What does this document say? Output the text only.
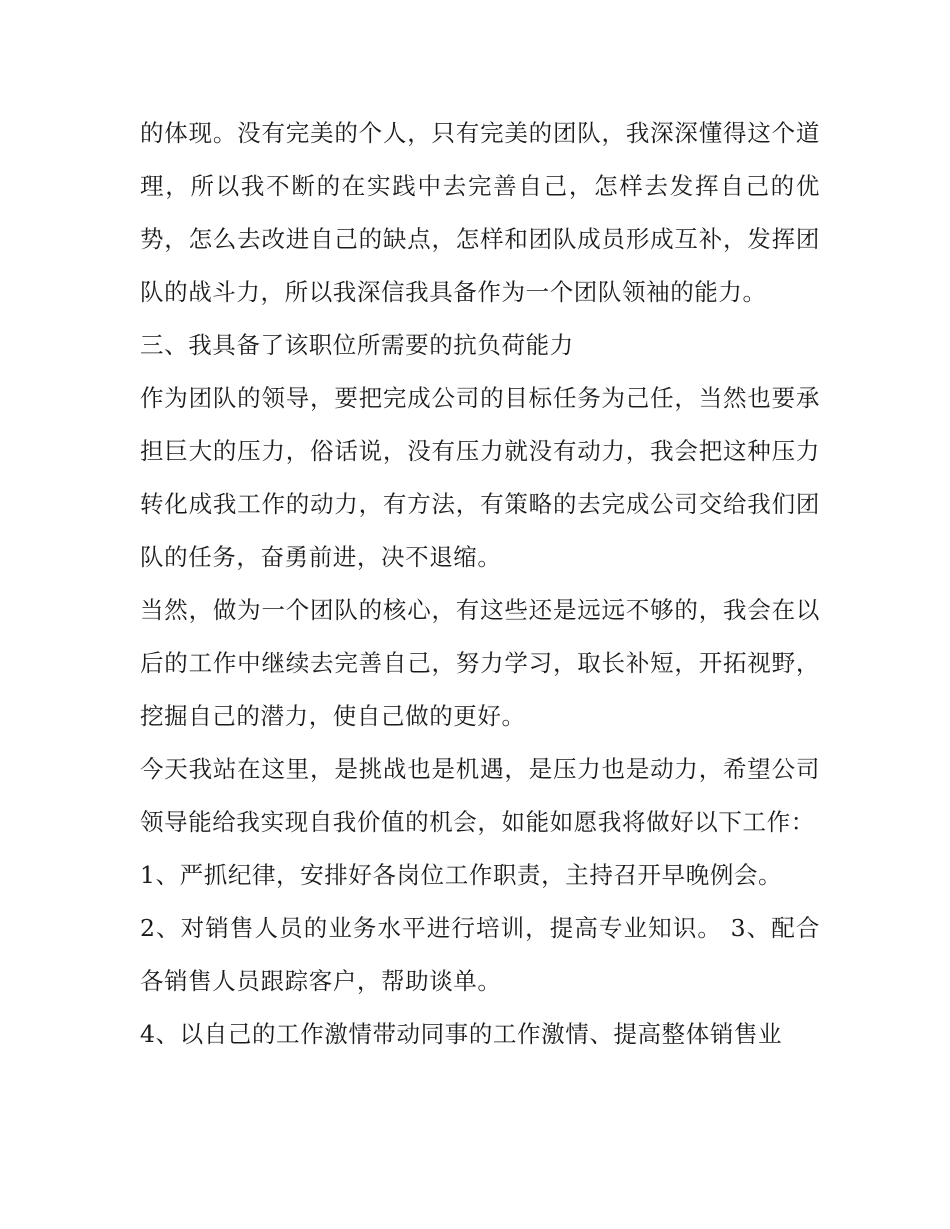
的体现。没有完美的个人，只有完美的团队，我深深懂得这个道理，所以我不断的在实践中去完善自己，怎样去发挥自己的优势，怎么去改进自己的缺点，怎样和团队成员形成互补，发挥团队的战斗力，所以我深信我具备作为一个团队领袖的能力。

三、我具备了该职位所需要的抗负荷能力

作为团队的领导，要把完成公司的目标任务为己任，当然也要承担巨大的压力，俗话说，没有压力就没有动力，我会把这种压力转化成我工作的动力，有方法，有策略的去完成公司交给我们团队的任务，奋勇前进，决不退缩。

当然，做为一个团队的核心，有这些还是远远不够的，我会在以后的工作中继续去完善自己，努力学习，取长补短，开拓视野，挖掘自己的潜力，使自己做的更好。

今天我站在这里，是挑战也是机遇，是压力也是动力，希望公司领导能给我实现自我价值的机会，如能如愿我将做好以下工作：

1、严抓纪律，安排好各岗位工作职责，主持召开早晚例会。

2、对销售人员的业务水平进行培训，提高专业知识。 3、配合各销售人员跟踪客户，帮助谈单。

4、以自己的工作激情带动同事的工作激情、提高整体销售业
